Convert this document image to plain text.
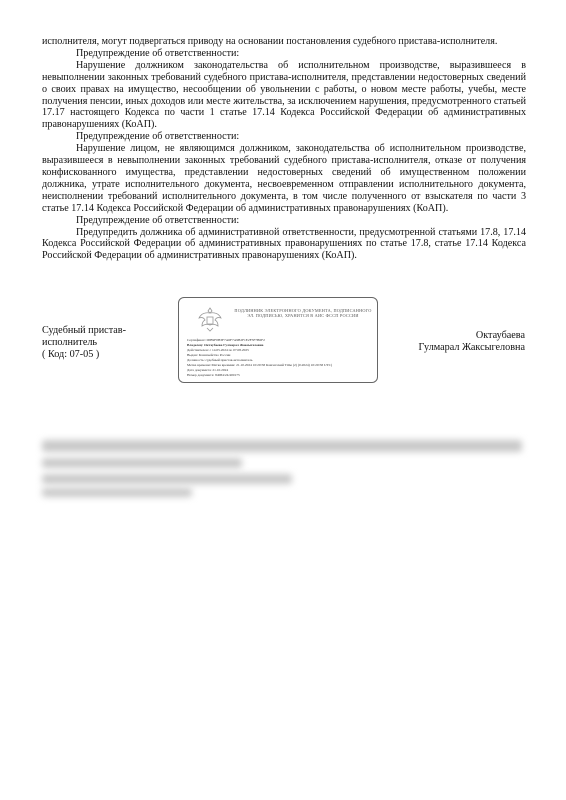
исполнителя, могут подвергаться приводу на основании постановления судебного пристава-исполнителя.

Предупреждение об ответственности:

Нарушение должником законодательства об исполнительном производстве, выразившееся в невыполнении законных требований судебного пристава-исполнителя, представлении недостоверных сведений о своих правах на имущество, несообщении об увольнении с работы, о новом месте работы, учебы, месте получения пенсии, иных доходов или месте жительства, за исключением нарушения, предусмотренного статьей 17.17 настоящего Кодекса по части 1 статье 17.14 Кодекса Российской Федерации об административных правонарушениях (КоАП).

Предупреждение об ответственности:

Нарушение лицом, не являющимся должником, законодательства об исполнительном производстве, выразившееся в невыполнении законных требований судебного пристава-исполнителя, отказе от получения конфискованного имущества, представлении недостоверных сведений об имущественном положении должника, утрате исполнительного документа, несвоевременном отправлении исполнительного документа, неисполнении требований исполнительного документа, в том числе полученного от взыскателя по части 3 статье 17.14 Кодекса Российской Федерации об административных правонарушениях (КоАП).

Предупреждение об ответственности:

Предупредить должника об административной ответственности, предусмотренной статьями 17.8, 17.14 Кодекса Российской Федерации об административных правонарушениях по статье 17.8, статье 17.14 Кодекса Российской Федерации об административных правонарушениях (КоАП).

Судебный пристав-
исполнитель
( Код: 07-05 )
ПОДЛИННИК ЭЛЕКТРОННОГО ДОКУМЕНТА, ПОДПИСАННОГО ЭЛ. ПОДПИСЬЮ, ХРАНИТСЯ В АИС ФССП РОССИИ
Сертификат: 00B9F0B3F7A6F7A9B2F1E2F5F7B6F2
Владелец: Октаубаева Гулмарал Жаксыгеловна
Действителен: с 14.05.2024 по 07.08.2025
Выдан: Казначейство России
Должность: судебный пристав-исполнитель
Метка времени: Метка времени: 21.10.2024 10:20:58 Камчатский Time (2) (0.2024) 10:20:58 UTC)
Дата документа: 21.10.2024
Номер документа: 84084/24/400175
Октаубаева
Гулмарал Жаксыгеловна
